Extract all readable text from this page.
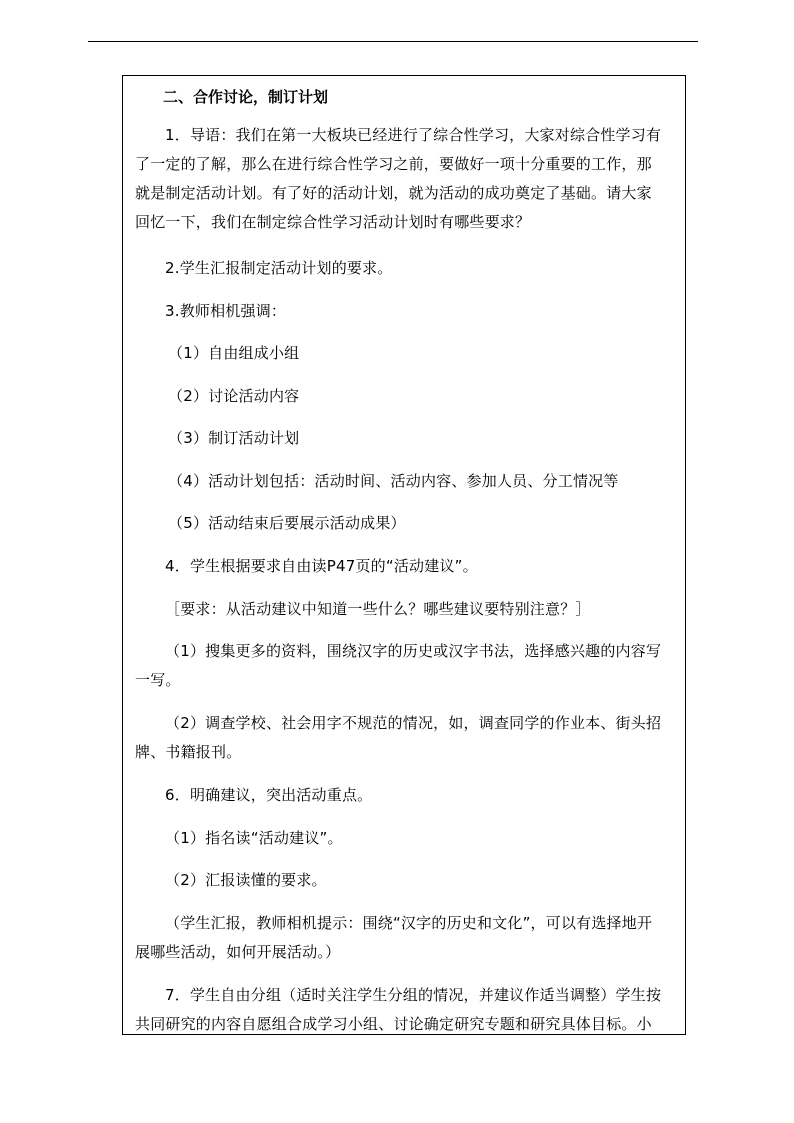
二、合作讨论，制订计划
1．导语：我们在第一大板块已经进行了综合性学习，大家对综合性学习有
了一定的了解，那么在进行综合性学习之前，要做好一项十分重要的工作，那
就是制定活动计划。有了好的活动计划，就为活动的成功奠定了基础。请大家
回忆一下，我们在制定综合性学习活动计划时有哪些要求？
2.学生汇报制定活动计划的要求。
3.教师相机强调：
（1）自由组成小组
（2）讨论活动内容
（3）制订活动计划
（4）活动计划包括：活动时间、活动内容、参加人员、分工情况等
（5）活动结束后要展示活动成果）
4．学生根据要求自由读P47页的“活动建议”。
［要求：从活动建议中知道一些什么？哪些建议要特别注意？］
（1）搜集更多的资料，围绕汉字的历史或汉字书法，选择感兴趣的内容写
一写。
（2）调查学校、社会用字不规范的情况，如，调查同学的作业本、街头招
牌、书籍报刊。
6．明确建议，突出活动重点。
（1）指名读“活动建议”。
（2）汇报读懂的要求。
（学生汇报，教师相机提示：围绕“汉字的历史和文化”，可以有选择地开
展哪些活动，如何开展活动。）
7．学生自由分组（适时关注学生分组的情况，并建议作适当调整）学生按
共同研究的内容自愿组合成学习小组、讨论确定研究专题和研究具体目标。小
